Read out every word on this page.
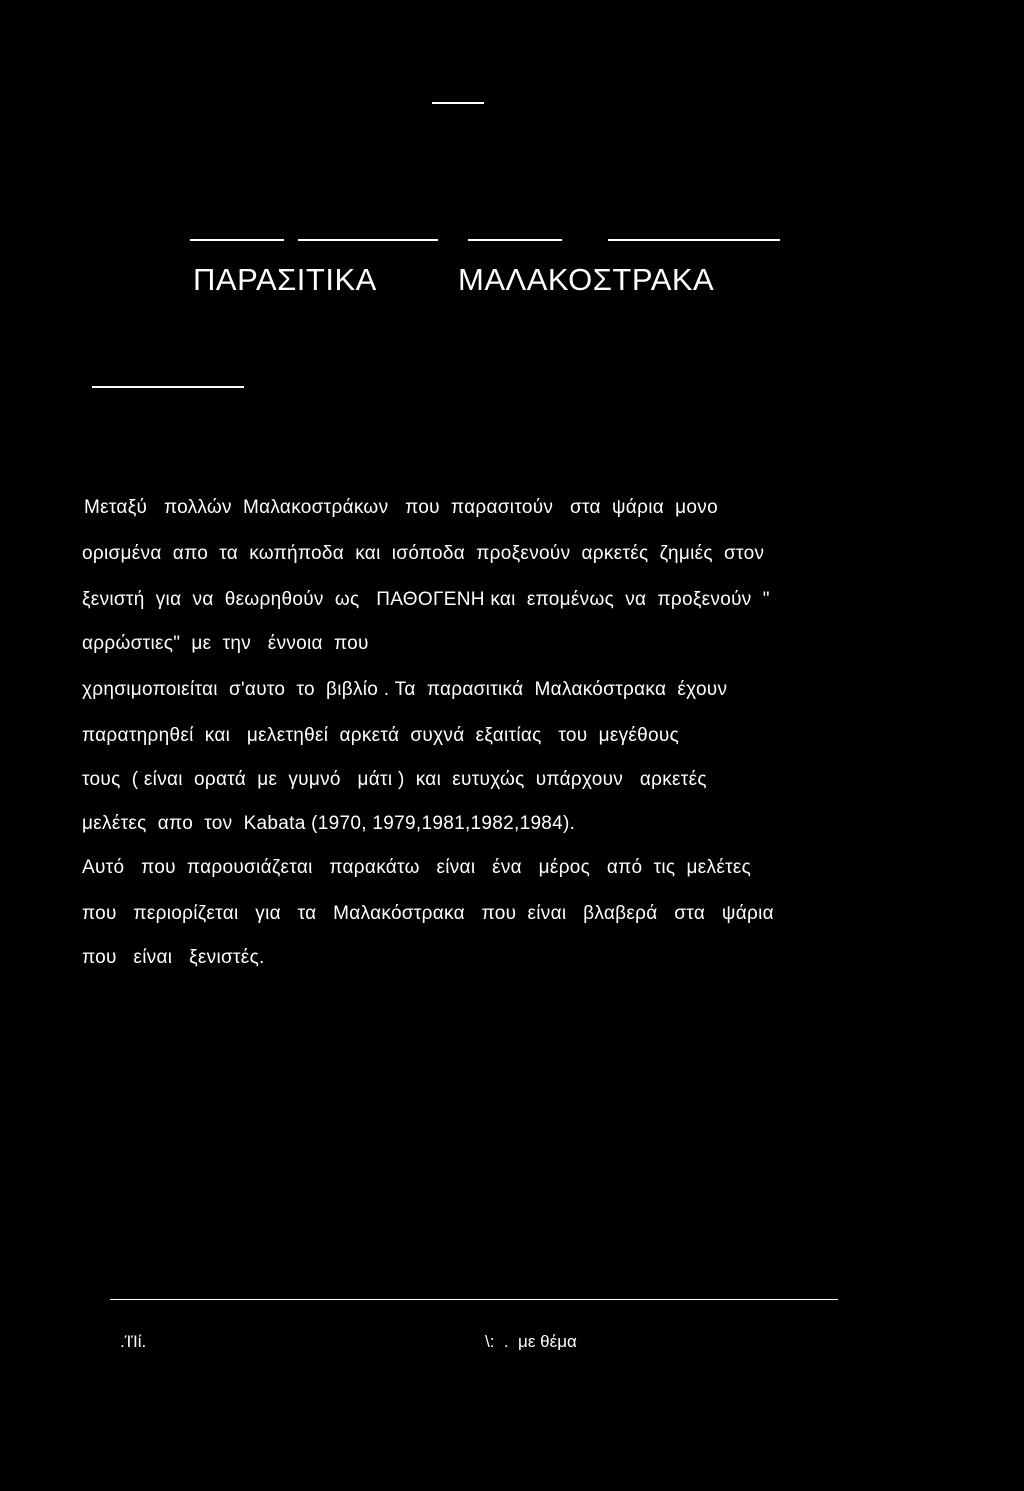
ΠΑΡΑΣΙΤΙΚΑ	ΜΑΛΑΚΟΣΤΡΑΚΑ
Μεταξύ   πολλών  Μαλακοστράκων   που  παρασιτούν   στα  ψάρια  μονο
ορισμένα  απο  τα  κωπήποδα  και  ισόποδα  προξενούν  αρκετές  ζημιές  στον
ξενιστή  για  να  θεωρηθούν  ως   ΠΑΘΟΓΕΝΗ και  επομένως  να  προξενούν  "
αρρώστιες"  με  την   έννοια  που
χρησιμοποιείται  σ'αυτο  το  βιβλίο . Τα  παρασιτικά  Μαλακόστρακα  έχουν
παρατηρηθεί  και   μελετηθεί  αρκετά  συχνά  εξαιτίας   του  μεγέθους
τους  ( είναι  ορατά  με  γυμνό   μάτι )  και  ευτυχώς  υπάρχουν   αρκετές
μελέτες  απο  τον  Kabata (1970, 1979,1981,1982,1984).
Αυτό   που  παρουσιάζεται   παρακάτω   είναι   ένα   μέρος   από  τις  μελέτες
που   περιορίζεται   για   τα   Μαλακόστρακα   που  είναι   βλαβερά   στα   ψάρια
που   είναι   ξενιστές.
.ΊΊί.	\:  .  με θέμα
